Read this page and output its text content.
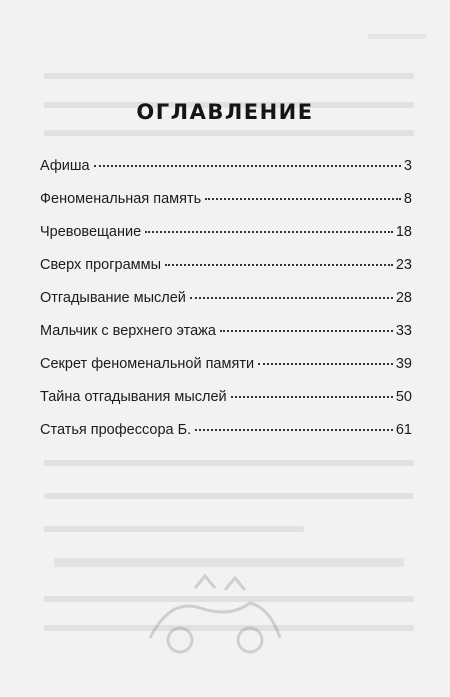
ОГЛАВЛЕНИЕ
Афиша	3
Феноменальная память	8
Чревовещание	18
Сверх программы	23
Отгадывание мыслей	28
Мальчик с верхнего этажа	33
Секрет феноменальной памяти	39
Тайна отгадывания мыслей	50
Статья профессора Б.	61
